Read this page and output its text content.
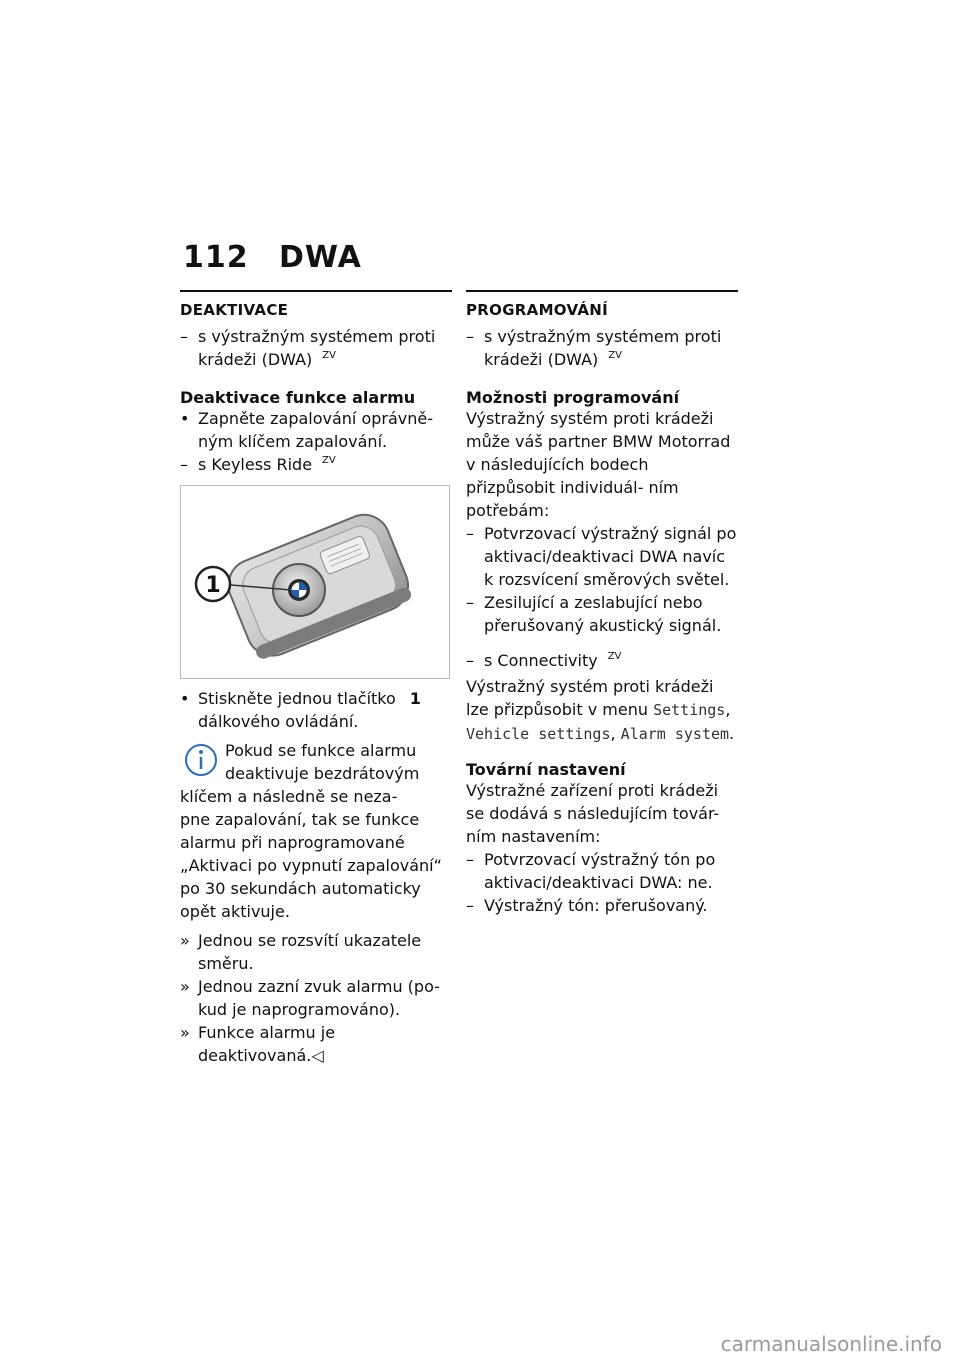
112 DWA
DEAKTIVACE
– s výstražným systémem proti krádeži (DWA) $^{ZV}$
Deaktivace funkce alarmu
• Zapněte zapalování oprávně- ným klíčem zapalování.
– s Keyless Ride $^{ZV}$
1
• Stiskněte jednou tlačítko 1
dálkového ovládání.
Pokud se funkce alarmu
deaktivuje bezdrátovým
klíčem a následně se neza-
pne zapalování, tak se funkce
alarmu při naprogramované
„Aktivaci po vypnutí zapalování“
po 30 sekundách automaticky
opět aktivuje.
» Jednou se rozsvítí ukazatele směru.
» Jednou zazní zvuk alarmu (po- kud je naprogramováno).
» Funkce alarmu je deaktivovaná.◁
PROGRAMOVÁNÍ
– s výstražným systémem proti krádeži (DWA) $^{ZV}$
Možnosti programování
Výstražný systém proti krádeži může váš partner BMW Motorrad v následujících bodech přizpůsobit individuál- ním potřebám:
– Potvrzovací výstražný signál po aktivaci/deaktivaci DWA navíc k rozsvícení směrových světel.
– Zesilující a zeslabující nebo přerušovaný akustický signál.
– s Connectivity $^{ZV}$
Výstražný systém proti krádeži lze přizpůsobit v menu Settings, Vehicle settings, Alarm system.
Tovární nastavení
Výstražné zařízení proti krádeži se dodává s následujícím továr- ním nastavením:
– Potvrzovací výstražný tón po aktivaci/deaktivaci DWA: ne.
– Výstražný tón: přerušovaný.
carmanualsonline.info
